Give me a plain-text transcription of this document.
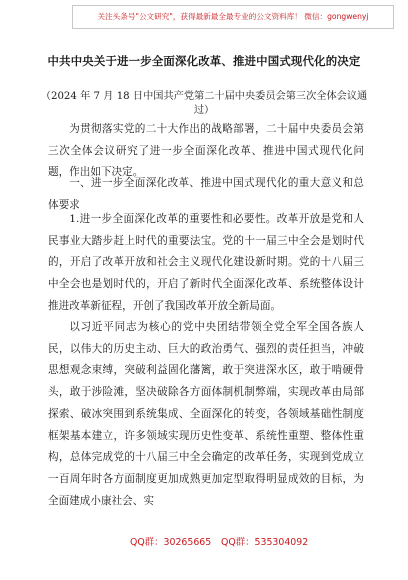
关注头条号"公文研究"，获得最新最全最专业的公文资料库！ 微信：gongwenyj
中共中央关于进一步全面深化改革、推进中国式现代化的决定
（2024 年 7 月 18 日中国共产党第二十届中央委员会第三次全体会议通过）
为贯彻落实党的二十大作出的战略部署，二十届中央委员会第三次全体会议研究了进一步全面深化改革、推进中国式现代化问题，作出如下决定。
一、进一步全面深化改革、推进中国式现代化的重大意义和总体要求
1.进一步全面深化改革的重要性和必要性。改革开放是党和人民事业大踏步赶上时代的重要法宝。党的十一届三中全会是划时代的，开启了改革开放和社会主义现代化建设新时期。党的十八届三中全会也是划时代的，开启了新时代全面深化改革、系统整体设计推进改革新征程，开创了我国改革开放全新局面。
以习近平同志为核心的党中央团结带领全党全军全国各族人民，以伟大的历史主动、巨大的政治勇气、强烈的责任担当，冲破思想观念束缚，突破利益固化藩篱，敢于突进深水区，敢于啃硬骨头，敢于涉险滩，坚决破除各方面体制机制弊端，实现改革由局部探索、破冰突围到系统集成、全面深化的转变，各领域基础性制度框架基本建立，许多领域实现历史性变革、系统性重塑、整体性重构，总体完成党的十八届三中全会确定的改革任务，实现到党成立一百周年时各方面制度更加成熟更加定型取得明显成效的目标，为全面建成小康社会、实
QQ群：30265665 QQ群：535304092
